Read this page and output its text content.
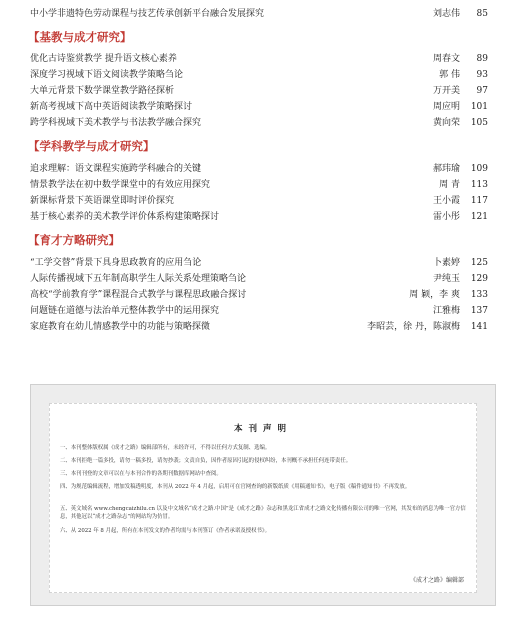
中小学非遗特色劳动课程与技艺传承创新平台融合发展探究	刘志伟	85
【基教与成才研究】
优化古诗鉴赏教学 提升语文核心素养	周春文	89
深度学习视域下语文阅读教学策略刍论	郭 伟	93
大单元背景下数学课堂教学路径探析	万开美	97
新高考视域下高中英语阅读教学策略探讨	周应明	101
跨学科视域下美术教学与书法教学融合探究	黄向荣	105
【学科教学与成才研究】
追求理解：语文课程实施跨学科融合的关键	郝玮瑜	109
情景教学法在初中数学课堂中的有效应用探究	周 青	113
新课标背景下英语课堂即时评价探究	王小霞	117
基于核心素养的美术教学评价体系构建策略探讨	雷小彤	121
【育才方略研究】
“工学交替”背景下具身思政教育的应用刍论	卜素婷	125
人际传播视域下五年制高职学生人际关系处理策略刍论	尹纯玉	129
高校“学前教育学”课程混合式教学与课程思政融合探讨	周 颖，李 爽	133
问题链在道德与法治单元整体教学中的运用探究	江雅梅	137
家庭教育在幼儿情感教学中的功能与策略探微	李昭芸，徐 丹，陈淑梅	141
本刊声明
一、本刊整体版权属《成才之路》编辑部所有，未经许可，不得以任何方式复制、选编。
二、本刊拒绝一篇多投，请勿一稿多投，请勿抄袭；文责自负，因作者原因引起的侵权纠纷，本刊概不承担任何连带责任。
三、本刊刊登的文章可以在与本刊合作的各期刊数据库网站中查阅。
四、为规范编辑流程，增加发稿透明度，本刊从 2022 年 4 月起，启用可在官网查询的新版纸质《用稿通知书》，电子版《稿件通知书》不再发放。
五、英文域名 www.chengcaizhilu.cn 以及中文域名“成才之路.中国”是《成才之路》杂志和黑龙江省成才之路文化传播有限公司的唯一官网，其发布的消息为唯一官方信息，其他冠以“成才之路杂志”的网站均为仿冒。
六、从 2022 年 8 月起，所有在本刊发文的作者均需与本刊签订《作者承诺及授权书》。
《成才之路》编辑部
